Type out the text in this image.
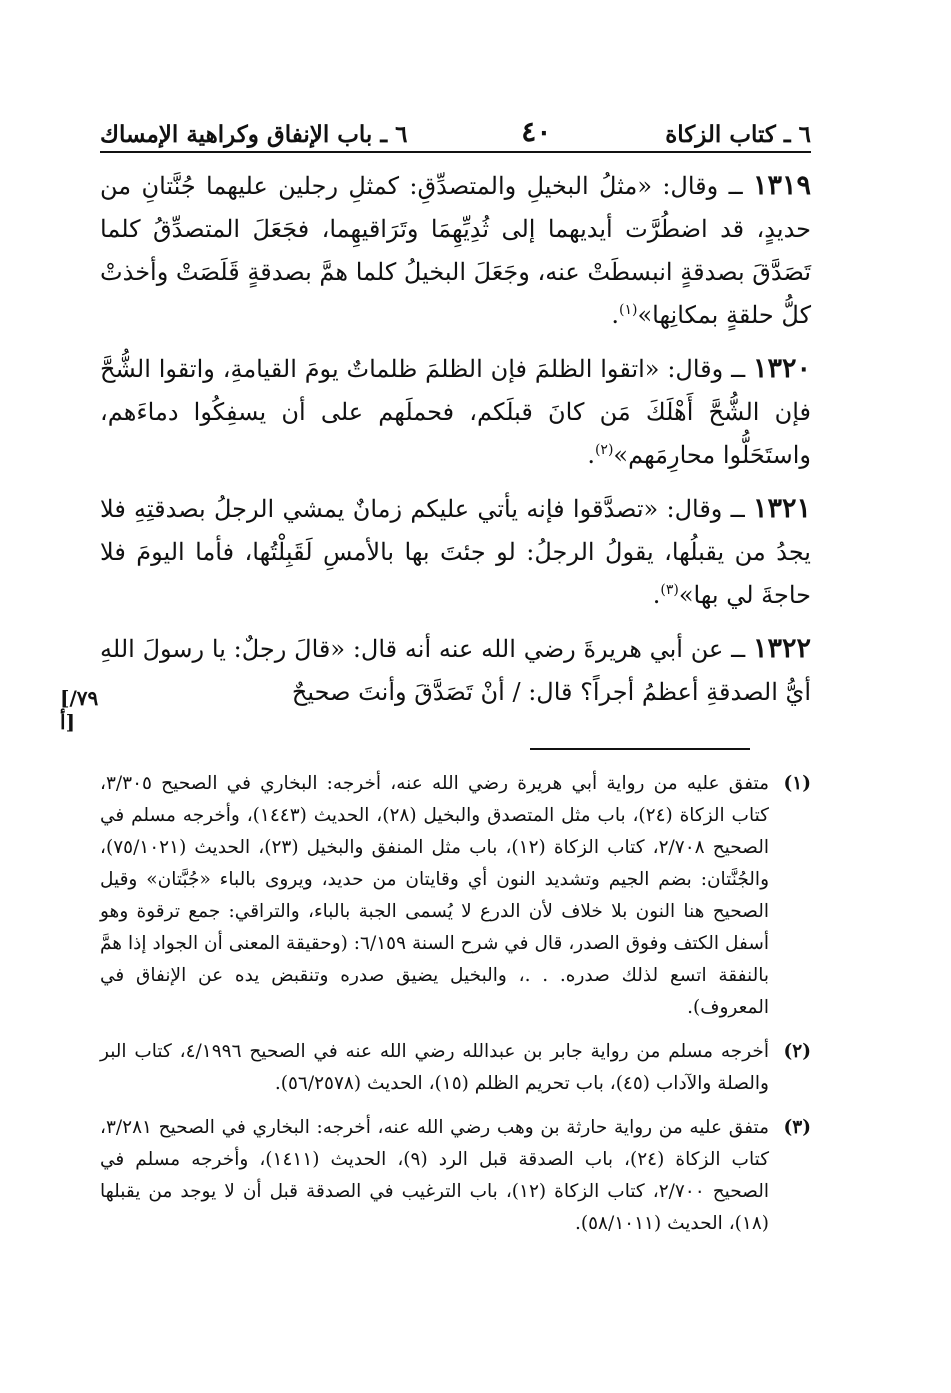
٦ ـ كتاب الزكاة
٤٠
٦ ـ باب الإنفاق وكراهية الإمساك

١٣١٩ ــ وقال: «مثلُ البخيلِ والمتصدِّقِ: كمثلِ رجلين عليهما جُنَّتانِ من حديدٍ، قد اضطُرَّت أيديهما إلى ثُدِيِّهِمَا وتَرَاقيهِما، فجَعَلَ المتصدِّقُ كلما تَصَدَّقَ بصدقةٍ انبسطَتْ عنه، وجَعَلَ البخيلُ كلما همَّ بصدقةٍ قَلَصَتْ وأخذتْ كلُّ حلقةٍ بمكانِها»$^{(١)}$.

١٣٢٠ ــ وقال: «اتقوا الظلمَ فإن الظلمَ ظلماتٌ يومَ القيامةِ، واتقوا الشُّحَّ فإن الشُّحَّ أَهْلَكَ مَن كانَ قبلَكم، فحملَهم على أن يسفِكُوا دماءَهم، واستَحَلُّوا محارِمَهم»$^{(٢)}$.

١٣٢١ ــ وقال: «تصدَّقوا فإنه يأتي عليكم زمانٌ يمشي الرجلُ بصدقتِهِ فلا يجدُ من يقبلُها، يقولُ الرجلُ: لو جئتَ بها بالأمسِ لَقَبِلْتُها، فأما اليومَ فلا حاجةَ لي بها»$^{(٣)}$.

١٣٢٢ ــ عن أبي هريرةَ رضي الله عنه أنه قال: «قالَ رجلٌ: يا رسولَ اللهِ أيُّ الصدقةِ أعظمُ أجراً؟ قال: / أنْ تَصَدَّقَ وأنتَ صحيحٌ

[٧٩/أ]
(١)
متفق عليه من رواية أبي هريرة رضي الله عنه، أخرجه: البخاري في الصحيح ٣/٣٠٥، كتاب الزكاة (٢٤)، باب مثل المتصدق والبخيل (٢٨)، الحديث (١٤٤٣)، وأخرجه مسلم في الصحيح ٢/٧٠٨، كتاب الزكاة (١٢)، باب مثل المنفق والبخيل (٢٣)، الحديث (٧٥/١٠٢١)، والجُنَّتان: بضم الجيم وتشديد النون أي وقايتان من حديد، ويروى بالباء «جُبَّتان» وقيل الصحيح هنا النون بلا خلاف لأن الدرع لا يُسمى الجبة بالباء، والتراقي: جمع ترقوة وهو أسفل الكتف وفوق الصدر، قال في شرح السنة ٦/١٥٩: (وحقيقة المعنى أن الجواد إذا همَّ بالنفقة اتسع لذلك صدره. . .، والبخيل يضيق صدره وتنقبض يده عن الإنفاق في المعروف).
(٢)
أخرجه مسلم من رواية جابر بن عبدالله رضي الله عنه في الصحيح ٤/١٩٩٦، كتاب البر والصلة والآداب (٤٥)، باب تحريم الظلم (١٥)، الحديث (٥٦/٢٥٧٨).
(٣)
متفق عليه من رواية حارثة بن وهب رضي الله عنه، أخرجه: البخاري في الصحيح ٣/٢٨١، كتاب الزكاة (٢٤)، باب الصدقة قبل الرد (٩)، الحديث (١٤١١)، وأخرجه مسلم في الصحيح ٢/٧٠٠، كتاب الزكاة (١٢)، باب الترغيب في الصدقة قبل أن لا يوجد من يقبلها (١٨)، الحديث (٥٨/١٠١١).
